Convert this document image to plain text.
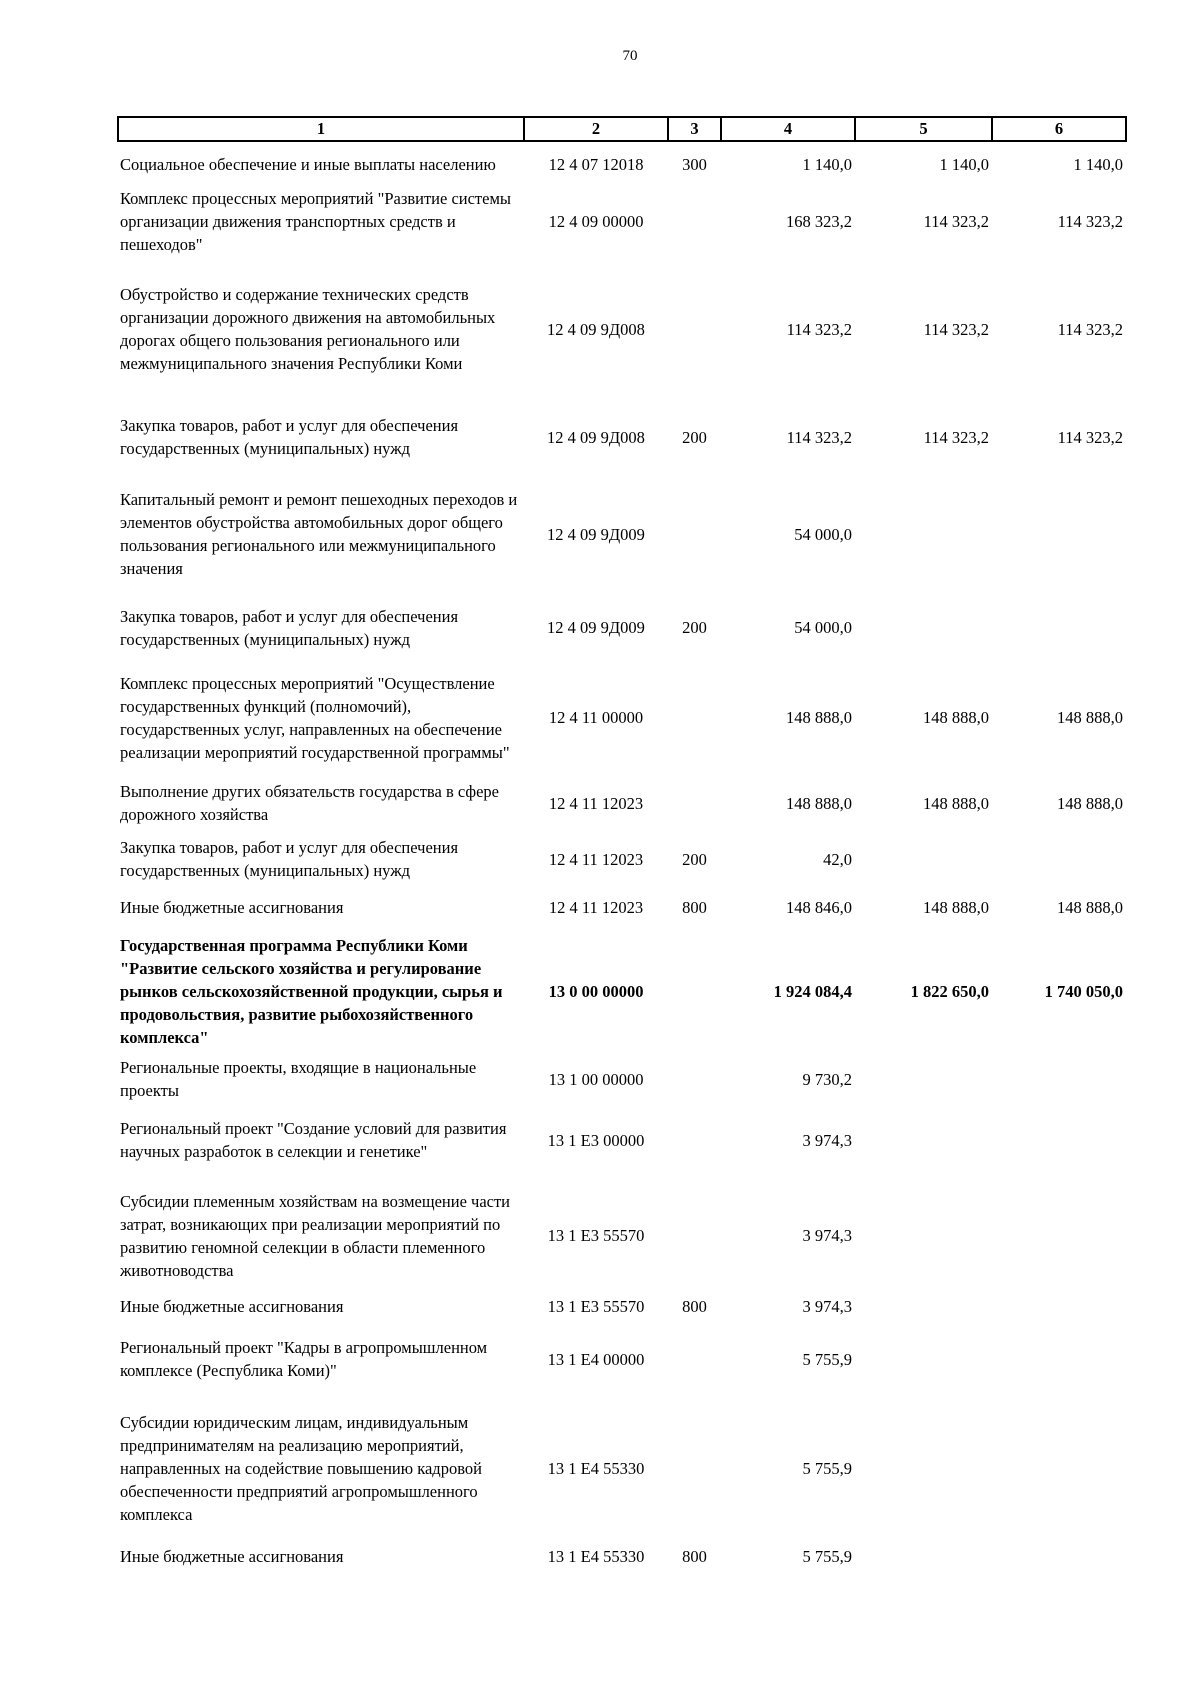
70
1	2	3	4	5	6
Социальное обеспечение и иные выплаты населению	12 4 07 12018	300	1 140,0	1 140,0	1 140,0
Комплекс процессных мероприятий "Развитие системы организации движения транспортных средств и пешеходов"	12 4 09 00000		168 323,2	114 323,2	114 323,2
Обустройство и содержание технических средств организации дорожного движения на автомобильных дорогах общего пользования регионального или межмуниципального значения Республики Коми	12 4 09 9Д008		114 323,2	114 323,2	114 323,2
Закупка товаров, работ и услуг для обеспечения государственных (муниципальных) нужд	12 4 09 9Д008	200	114 323,2	114 323,2	114 323,2
Капитальный ремонт и ремонт пешеходных переходов и элементов обустройства автомобильных дорог общего пользования регионального или межмуниципального значения	12 4 09 9Д009		54 000,0		
Закупка товаров, работ и услуг для обеспечения государственных (муниципальных) нужд	12 4 09 9Д009	200	54 000,0		
Комплекс процессных мероприятий "Осуществление государственных функций (полномочий), государственных услуг, направленных на обеспечение реализации мероприятий государственной программы"	12 4 11 00000		148 888,0	148 888,0	148 888,0
Выполнение других обязательств государства в сфере дорожного хозяйства	12 4 11 12023		148 888,0	148 888,0	148 888,0
Закупка товаров, работ и услуг для обеспечения государственных (муниципальных) нужд	12 4 11 12023	200	42,0		
Иные бюджетные ассигнования	12 4 11 12023	800	148 846,0	148 888,0	148 888,0
Государственная программа Республики Коми "Развитие сельского хозяйства и регулирование рынков сельскохозяйственной продукции, сырья и продовольствия, развитие рыбохозяйственного комплекса"	13 0 00 00000		1 924 084,4	1 822 650,0	1 740 050,0
Региональные проекты, входящие в национальные проекты	13 1 00 00000		9 730,2		
Региональный проект "Создание условий для развития научных разработок в селекции и генетике"	13 1 Е3 00000		3 974,3		
Субсидии племенным хозяйствам на возмещение части затрат, возникающих при реализации мероприятий по развитию геномной селекции в области племенного животноводства	13 1 Е3 55570		3 974,3		
Иные бюджетные ассигнования	13 1 Е3 55570	800	3 974,3		
Региональный проект "Кадры в агропромышленном комплексе (Республика Коми)"	13 1 Е4 00000		5 755,9		
Субсидии юридическим лицам, индивидуальным предпринимателям на реализацию мероприятий, направленных на содействие повышению кадровой обеспеченности предприятий агропромышленного комплекса	13 1 Е4 55330		5 755,9		
Иные бюджетные ассигнования	13 1 Е4 55330	800	5 755,9		
